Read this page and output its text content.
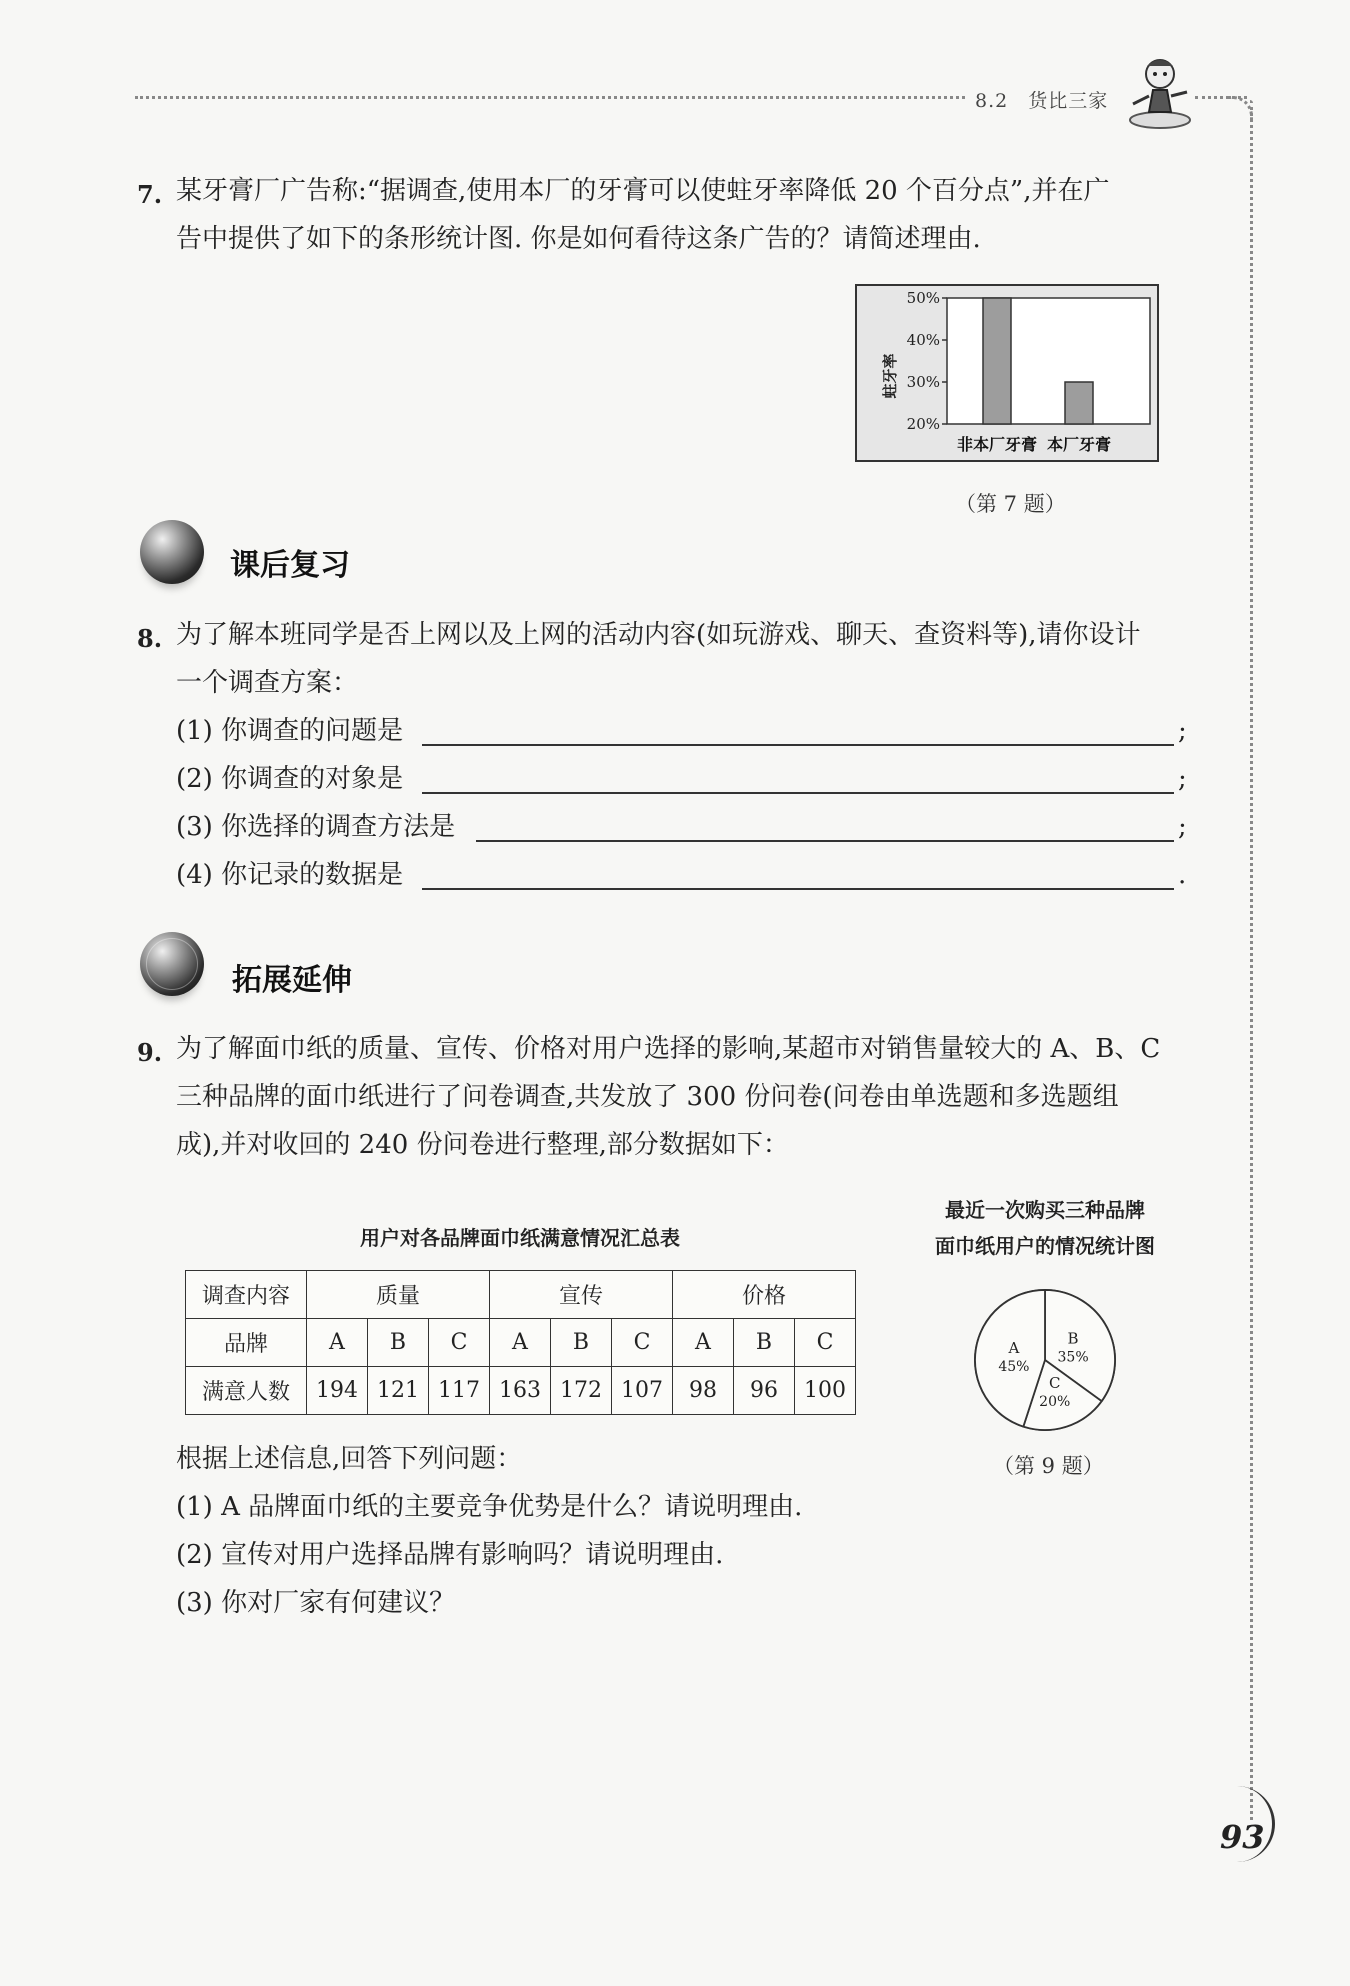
8.2　货比三家
7. 某牙膏厂广告称:“据调查,使用本厂的牙膏可以使蛀牙率降低 20 个百分点”,并在广
告中提供了如下的条形统计图. 你是如何看待这条广告的？请简述理由.
50%
40%
30%
20%
蛀牙率
非本厂牙膏 本厂牙膏
（第 7 题）
课后复习
8. 为了解本班同学是否上网以及上网的活动内容(如玩游戏、聊天、查资料等),请你设计
一个调查方案：
(1) 你调查的问题是	;
(2) 你调查的对象是	;
(3) 你选择的调查方法是	;
(4) 你记录的数据是	.
拓展延伸
9. 为了解面巾纸的质量、宣传、价格对用户选择的影响,某超市对销售量较大的 A、B、C
三种品牌的面巾纸进行了问卷调查,共发放了 300 份问卷(问卷由单选题和多选题组
成),并对收回的 240 份问卷进行整理,部分数据如下：
用户对各品牌面巾纸满意情况汇总表
调查内容	质量			宣传			价格		
品牌	A	B	C	A	B	C	A	B	C
满意人数	194	121	117	163	172	107	98	96	100
最近一次购买三种品牌
面巾纸用户的情况统计图
B
35%
C
20%
A
45%
（第 9 题）
根据上述信息,回答下列问题：
(1) A 品牌面巾纸的主要竞争优势是什么？请说明理由.
(2) 宣传对用户选择品牌有影响吗？请说明理由.
(3) 你对厂家有何建议？
93
